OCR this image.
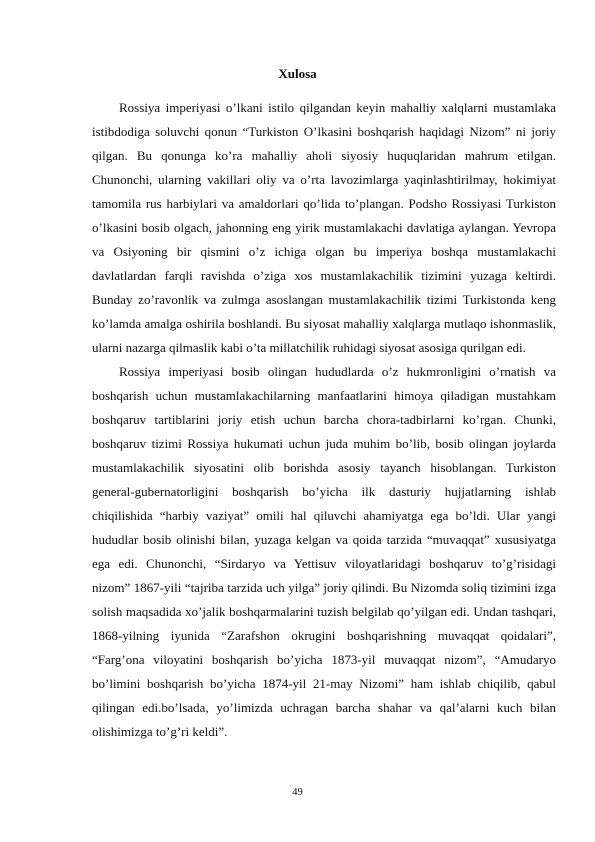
Xulosa

Rossiya imperiyasi o’lkani istilo qilgandan keyin mahalliy xalqlarni mustamlaka istibdodiga soluvchi qonun “Turkiston O’lkasini boshqarish haqidagi Nizom” ni joriy qilgan. Bu qonunga ko’ra mahalliy aholi siyosiy huquqlaridan mahrum etilgan. Chunonchi, ularning vakillari oliy va o’rta lavozimlarga yaqinlashtirilmay, hokimiyat tamomila rus harbiylari va amaldorlari qo’lida to’plangan. Podsho Rossiyasi Turkiston o’lkasini bosib olgach, jahonning eng yirik mustamlakachi davlatiga aylangan. Yevropa va Osiyoning bir qismini o’z ichiga olgan bu imperiya boshqa mustamlakachi davlatlardan farqli ravishda o’ziga xos mustamlakachilik tizimini yuzaga keltirdi. Bunday zo’ravonlik va zulmga asoslangan mustamlakachilik tizimi Turkistonda keng ko’lamda amalga oshirila boshlandi. Bu siyosat mahalliy xalqlarga mutlaqo ishonmaslik, ularni nazarga qilmaslik kabi o’ta millatchilik ruhidagi siyosat asosiga qurilgan edi.

Rossiya imperiyasi bosib olingan hududlarda o’z hukmronligini o’rnatish va boshqarish uchun mustamlakachilarning manfaatlarini himoya qiladigan mustahkam boshqaruv tartiblarini joriy etish uchun barcha chora-tadbirlarni ko’rgan. Chunki, boshqaruv tizimi Rossiya hukumati uchun juda muhim bo’lib, bosib olingan joylarda mustamlakachilik siyosatini olib borishda asosiy tayanch hisoblangan. Turkiston general-gubernatorligini boshqarish bo’yicha ilk dasturiy hujjatlarning ishlab chiqilishida “harbiy vaziyat” omili hal qiluvchi ahamiyatga ega bo’ldi. Ular yangi hududlar bosib olinishi bilan, yuzaga kelgan va qoida tarzida “muvaqqat” xususiyatga ega edi. Chunonchi, “Sirdaryo va Yettisuv viloyatlaridagi boshqaruv to’g’risidagi nizom” 1867-yili “tajriba tarzida uch yilga” joriy qilindi. Bu Nizomda soliq tizimini izga solish maqsadida xo’jalik boshqarmalarini tuzish belgilab qo’yilgan edi. Undan tashqari, 1868-yilning iyunida “Zarafshon okrugini boshqarishning muvaqqat qoidalari”, “Farg’ona viloyatini boshqarish bo’yicha 1873-yil muvaqqat nizom”, “Amudaryo bo’limini boshqarish bo’yicha 1874-yil 21-may Nizomi” ham ishlab chiqilib, qabul qilingan edi.bo’lsada, yo’limizda uchragan barcha shahar va qal’alarni kuch bilan olishimizga to’g’ri keldi”.

49
